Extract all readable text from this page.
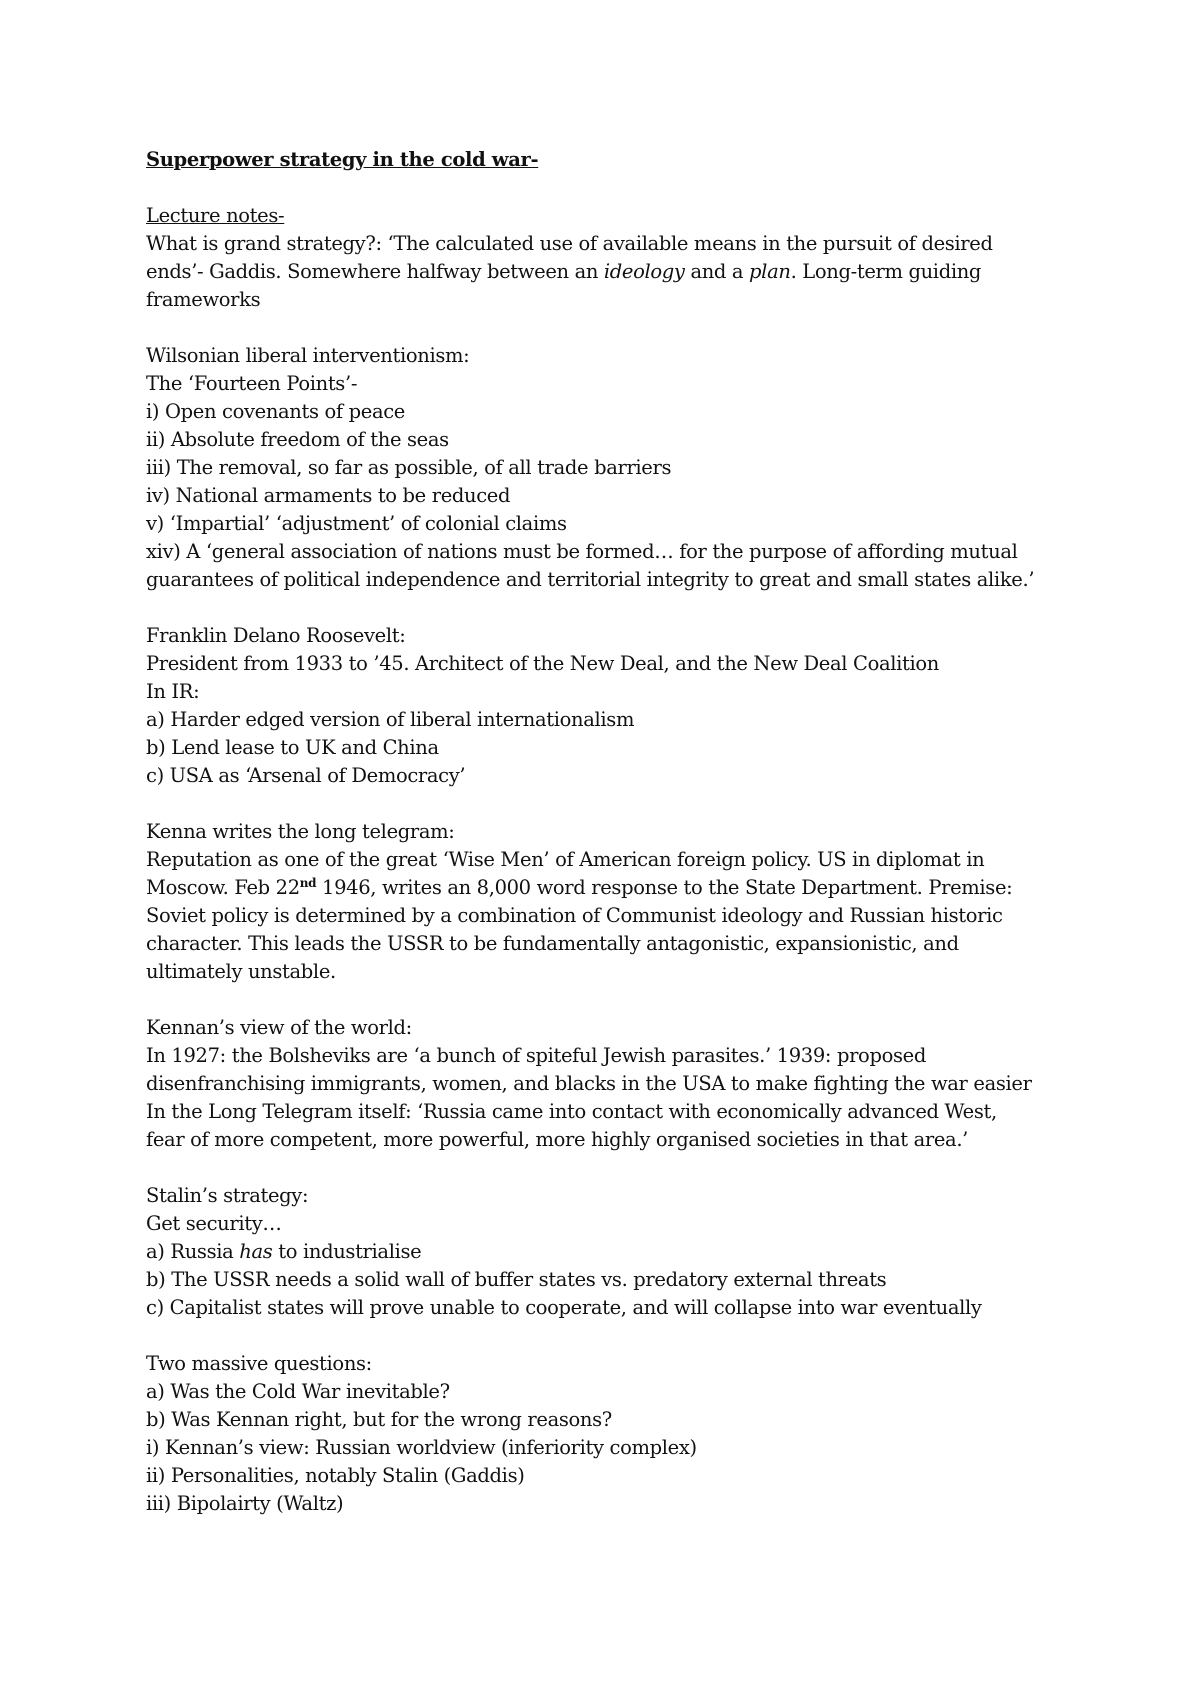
Superpower strategy in the cold war-
Lecture notes-
What is grand strategy?: ‘The calculated use of available means in the pursuit of desired
ends’- Gaddis. Somewhere halfway between an ideology and a plan. Long-term guiding
frameworks
Wilsonian liberal interventionism:
The ‘Fourteen Points’-
i) Open covenants of peace
ii) Absolute freedom of the seas
iii) The removal, so far as possible, of all trade barriers
iv) National armaments to be reduced
v) ‘Impartial’ ‘adjustment’ of colonial claims
xiv) A ‘general association of nations must be formed… for the purpose of affording mutual
guarantees of political independence and territorial integrity to great and small states alike.’
Franklin Delano Roosevelt:
President from 1933 to ’45. Architect of the New Deal, and the New Deal Coalition
In IR:
a) Harder edged version of liberal internationalism
b) Lend lease to UK and China
c) USA as ‘Arsenal of Democracy’
Kenna writes the long telegram:
Reputation as one of the great ‘Wise Men’ of American foreign policy. US in diplomat in
Moscow. Feb 22nd 1946, writes an 8,000 word response to the State Department. Premise:
Soviet policy is determined by a combination of Communist ideology and Russian historic
character. This leads the USSR to be fundamentally antagonistic, expansionistic, and
ultimately unstable.
Kennan’s view of the world:
In 1927: the Bolsheviks are ‘a bunch of spiteful Jewish parasites.’ 1939: proposed
disenfranchising immigrants, women, and blacks in the USA to make fighting the war easier
In the Long Telegram itself: ‘Russia came into contact with economically advanced West,
fear of more competent, more powerful, more highly organised societies in that area.’
Stalin’s strategy:
Get security…
a) Russia has to industrialise
b) The USSR needs a solid wall of buffer states vs. predatory external threats
c) Capitalist states will prove unable to cooperate, and will collapse into war eventually
Two massive questions:
a) Was the Cold War inevitable?
b) Was Kennan right, but for the wrong reasons?
i) Kennan’s view: Russian worldview (inferiority complex)
ii) Personalities, notably Stalin (Gaddis)
iii) Bipolairty (Waltz)
